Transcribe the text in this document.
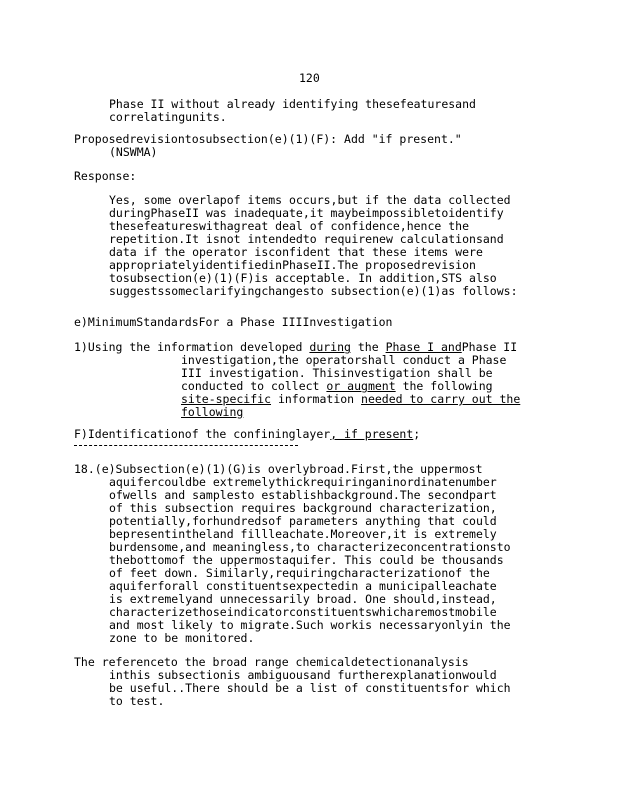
120
Phase II without already identifying thesefeaturesand
correlatingunits.
Proposedrevisiontosubsection(e)(1)(F): Add "if present."
(NSWMA)
Response:
Yes, some overlapof items occurs,but if the data collected
duringPhaseII was inadequate,it maybeimpossibletoidentify
thesefeatureswithagreat deal of confidence,hence the
repetition.It isnot intendedto requirenew calculationsand
data if the operator isconfident that these items were
appropriatelyidentifiedinPhaseII.The proposedrevision
tosubsection(e)(1)(F)is acceptable. In addition,STS also
suggestssomeclarifyingchangesto subsection(e)(1)as follows:
e)MinimumStandardsFor a Phase IIIInvestigation
1)Using the information developed during the Phase I andPhase II
investigation,the operatorshall conduct a Phase
III investigation. Thisinvestigation shall be
conducted to collect or augment the following
site-specific information needed to carry out the
following
F)Identificationof the confininglayer, if present;
18.(e)Subsection(e)(1)(G)is overlybroad.First,the uppermost
aquifercouldbe extremelythickrequiringaninordinatenumber
ofwells and samplesto establishbackground.The secondpart
of this subsection requires background characterization,
potentially,forhundredsof parameters anything that could
bepresentintheland fillleachate.Moreover,it is extremely
burdensome,and meaningless,to characterizeconcentrationsto
thebottomof the uppermostaquifer. This could be thousands
of feet down. Similarly,requiringcharacterizationof the
aquiferforall constituentsexpectedin a municipalleachate
is extremelyand unnecessarily broad. One should,instead,
characterizethoseindicatorconstituentswhicharemostmobile
and most likely to migrate.Such workis necessaryonlyin the
zone to be monitored.
The referenceto the broad range chemicaldetectionanalysis
inthis subsectionis ambiguousand furtherexplanationwould
be useful..There should be a list of constituentsfor which
to test.
